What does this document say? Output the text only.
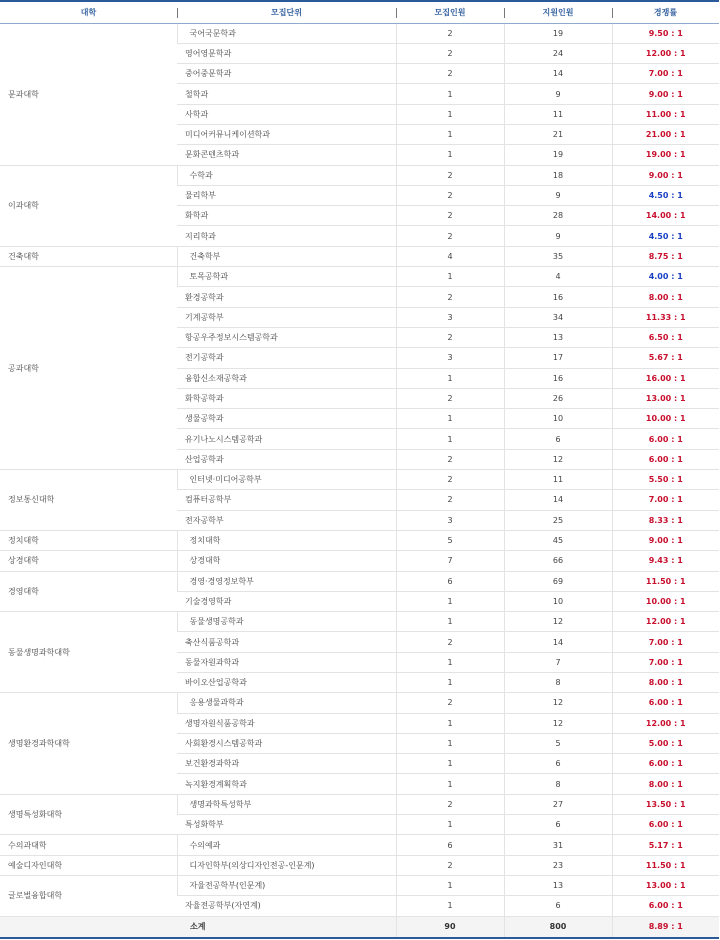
대학	모집단위	모집인원	지원인원	경쟁률
문과대학	국어국문학과	2	19	9.50 : 1
	영어영문학과	2	24	12.00 : 1
	중어중문학과	2	14	7.00 : 1
	철학과	1	9	9.00 : 1
	사학과	1	11	11.00 : 1
	미디어커뮤니케이션학과	1	21	21.00 : 1
	문화콘텐츠학과	1	19	19.00 : 1
이과대학	수학과	2	18	9.00 : 1
	물리학부	2	9	4.50 : 1
	화학과	2	28	14.00 : 1
	지리학과	2	9	4.50 : 1
건축대학	건축학부	4	35	8.75 : 1
공과대학	토목공학과	1	4	4.00 : 1
	환경공학과	2	16	8.00 : 1
	기계공학부	3	34	11.33 : 1
	항공우주정보시스템공학과	2	13	6.50 : 1
	전기공학과	3	17	5.67 : 1
	융합신소재공학과	1	16	16.00 : 1
	화학공학과	2	26	13.00 : 1
	생물공학과	1	10	10.00 : 1
	유기나노시스템공학과	1	6	6.00 : 1
	산업공학과	2	12	6.00 : 1
정보통신대학	인터넷·미디어공학부	2	11	5.50 : 1
	컴퓨터공학부	2	14	7.00 : 1
	전자공학부	3	25	8.33 : 1
정치대학	정치대학	5	45	9.00 : 1
상경대학	상경대학	7	66	9.43 : 1
경영대학	경영·경영정보학부	6	69	11.50 : 1
	기술경영학과	1	10	10.00 : 1
동물생명과학대학	동물생명공학과	1	12	12.00 : 1
	축산식품공학과	2	14	7.00 : 1
	동물자원과학과	1	7	7.00 : 1
	바이오산업공학과	1	8	8.00 : 1
생명환경과학대학	응용생물과학과	2	12	6.00 : 1
	생명자원식품공학과	1	12	12.00 : 1
	사회환경시스템공학과	1	5	5.00 : 1
	보건환경과학과	1	6	6.00 : 1
	녹지환경계획학과	1	8	8.00 : 1
생명특성화대학	생명과학특성학부	2	27	13.50 : 1
	특성화학부	1	6	6.00 : 1
수의과대학	수의예과	6	31	5.17 : 1
예술디자인대학	디자인학부(의상디자인전공-인문계)	2	23	11.50 : 1
글로벌융합대학	자율전공학부(인문계)	1	13	13.00 : 1
	자율전공학부(자연계)	1	6	6.00 : 1
소계		90	800	8.89 : 1
